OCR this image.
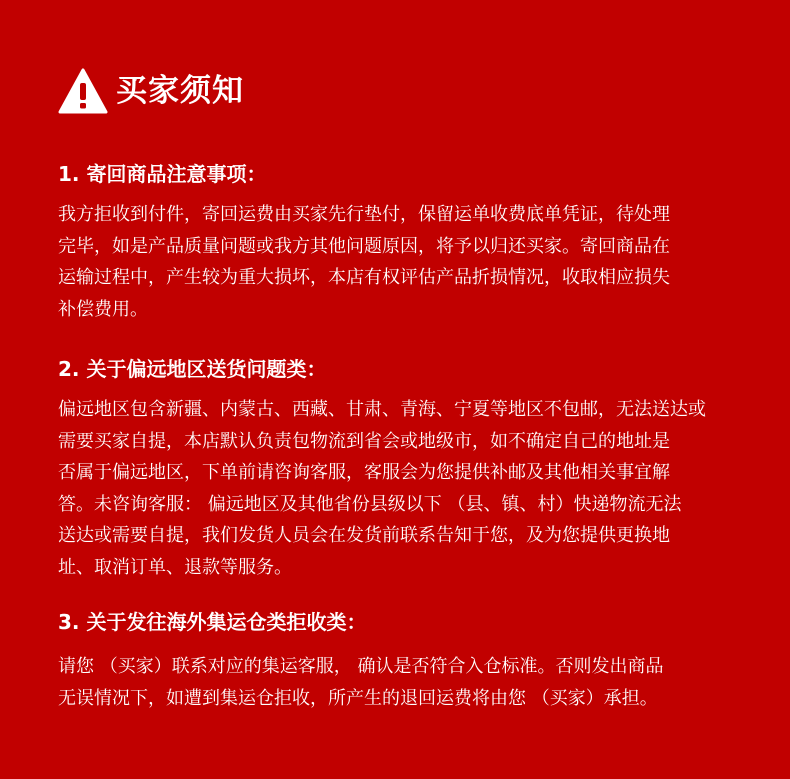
买家须知
1. 寄回商品注意事项：

我方拒收到付件，寄回运费由买家先行垫付，保留运单收费底单凭证，待处理
完毕，如是产品质量问题或我方其他问题原因，将予以归还买家。寄回商品在
运输过程中，产生较为重大损坏，本店有权评估产品折损情况，收取相应损失
补偿费用。

2. 关于偏远地区送货问题类：

偏远地区包含新疆、内蒙古、西藏、甘肃、青海、宁夏等地区不包邮，无法送达或
需要买家自提，本店默认负责包物流到省会或地级市，如不确定自己的地址是
否属于偏远地区，下单前请咨询客服，客服会为您提供补邮及其他相关事宜解
答。未咨询客服： 偏远地区及其他省份县级以下 （县、镇、村）快递物流无法
送达或需要自提，我们发货人员会在发货前联系告知于您，及为您提供更换地
址、取消订单、退款等服务。

3. 关于发往海外集运仓类拒收类：

请您 （买家）联系对应的集运客服， 确认是否符合入仓标准。否则发出商品
无误情况下，如遭到集运仓拒收，所产生的退回运费将由您 （买家）承担。
